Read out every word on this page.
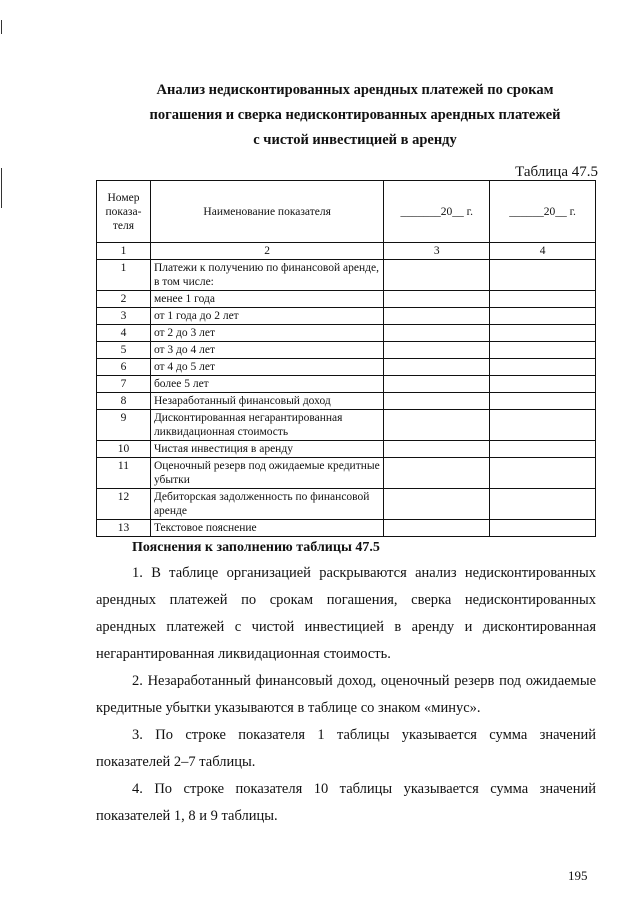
Анализ недисконтированных арендных платежей по срокам
погашения и сверка недисконтированных арендных платежей
с чистой инвестицией в аренду
Таблица 47.5
Номер показа-теля	Наименование показателя	_______20__ г.	______20__ г.
1	2	3	4
1	Платежи к получению по финансовой аренде, в том числе:		
2	менее 1 года		
3	от 1 года до 2 лет		
4	от 2 до 3 лет		
5	от 3 до 4 лет		
6	от 4 до 5 лет		
7	более 5 лет		
8	Незаработанный финансовый доход		
9	Дисконтированная негарантированная ликвидационная стоимость		
10	Чистая инвестиция в аренду		
11	Оценочный резерв под ожидаемые кредитные убытки		
12	Дебиторская задолженность по финансовой аренде		
13	Текстовое пояснение		
Пояснения к заполнению таблицы 47.5

1. В таблице организацией раскрываются анализ недисконтированных арендных платежей по срокам погашения, сверка недисконтированных арендных платежей с чистой инвестицией в аренду и дисконтированная негарантированная ликвидационная стоимость.

2. Незаработанный финансовый доход, оценочный резерв под ожидаемые кредитные убытки указываются в таблице со знаком «минус».

3. По строке показателя 1 таблицы указывается сумма значений показателей 2–7 таблицы.

4. По строке показателя 10 таблицы указывается сумма значений показателей 1, 8 и 9 таблицы.

195
